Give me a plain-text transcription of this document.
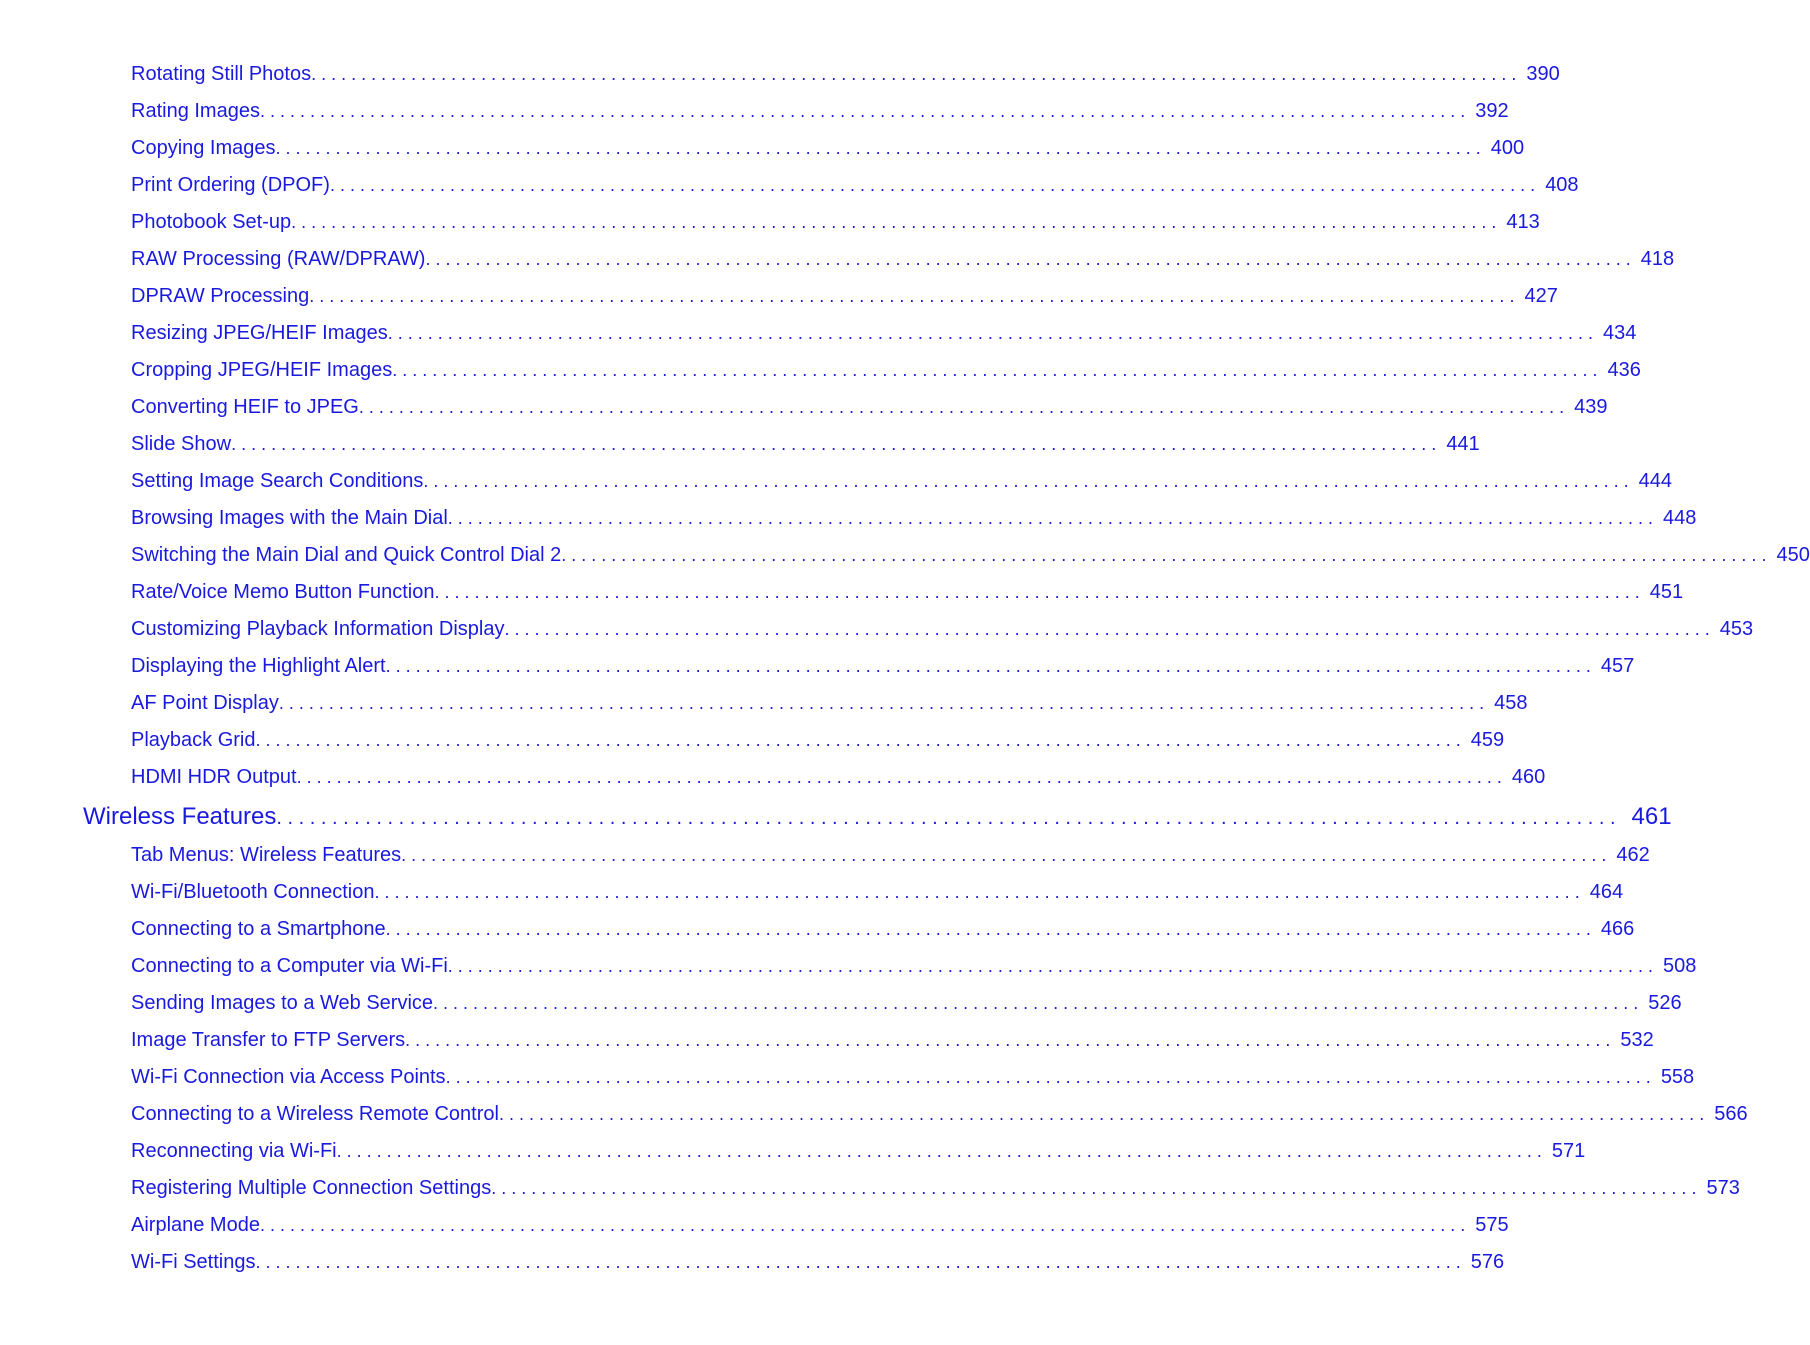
Rotating Still Photos . . . . . . . . . . . . . . . . . . . . . . . . . . . . . . . . . . . . . . . . . . . . . . . . . . . . . . . . . . . . . . . . . . . . . . . . . . . . . . . . . . . . . . . . . . . . . . . . . . . . . . . . . . . . . . . . . . . . . . . . . 390
Rating Images . . . . . . . . . . . . . . . . . . . . . . . . . . . . . . . . . . . . . . . . . . . . . . . . . . . . . . . . . . . . . . . . . . . . . . . . . . . . . . . . . . . . . . . . . . . . . . . . . . . . . . . . . . . . . . . . . . . . . . . . . 392
Copying Images . . . . . . . . . . . . . . . . . . . . . . . . . . . . . . . . . . . . . . . . . . . . . . . . . . . . . . . . . . . . . . . . . . . . . . . . . . . . . . . . . . . . . . . . . . . . . . . . . . . . . . . . . . . . . . . . . . . . . . . . . 400
Print Ordering (DPOF) . . . . . . . . . . . . . . . . . . . . . . . . . . . . . . . . . . . . . . . . . . . . . . . . . . . . . . . . . . . . . . . . . . . . . . . . . . . . . . . . . . . . . . . . . . . . . . . . . . . . . . . . . . . . . . . . . . . . . . . . . 408
Photobook Set-up . . . . . . . . . . . . . . . . . . . . . . . . . . . . . . . . . . . . . . . . . . . . . . . . . . . . . . . . . . . . . . . . . . . . . . . . . . . . . . . . . . . . . . . . . . . . . . . . . . . . . . . . . . . . . . . . . . . . . . . . . 413
RAW Processing (RAW/DPRAW) . . . . . . . . . . . . . . . . . . . . . . . . . . . . . . . . . . . . . . . . . . . . . . . . . . . . . . . . . . . . . . . . . . . . . . . . . . . . . . . . . . . . . . . . . . . . . . . . . . . . . . . . . . . . . . . . . . . . . . . . . 418
DPRAW Processing . . . . . . . . . . . . . . . . . . . . . . . . . . . . . . . . . . . . . . . . . . . . . . . . . . . . . . . . . . . . . . . . . . . . . . . . . . . . . . . . . . . . . . . . . . . . . . . . . . . . . . . . . . . . . . . . . . . . . . . . . 427
Resizing JPEG/HEIF Images . . . . . . . . . . . . . . . . . . . . . . . . . . . . . . . . . . . . . . . . . . . . . . . . . . . . . . . . . . . . . . . . . . . . . . . . . . . . . . . . . . . . . . . . . . . . . . . . . . . . . . . . . . . . . . . . . . . . . . . . . 434
Cropping JPEG/HEIF Images . . . . . . . . . . . . . . . . . . . . . . . . . . . . . . . . . . . . . . . . . . . . . . . . . . . . . . . . . . . . . . . . . . . . . . . . . . . . . . . . . . . . . . . . . . . . . . . . . . . . . . . . . . . . . . . . . . . . . . . . . 436
Converting HEIF to JPEG . . . . . . . . . . . . . . . . . . . . . . . . . . . . . . . . . . . . . . . . . . . . . . . . . . . . . . . . . . . . . . . . . . . . . . . . . . . . . . . . . . . . . . . . . . . . . . . . . . . . . . . . . . . . . . . . . . . . . . . . . 439
Slide Show . . . . . . . . . . . . . . . . . . . . . . . . . . . . . . . . . . . . . . . . . . . . . . . . . . . . . . . . . . . . . . . . . . . . . . . . . . . . . . . . . . . . . . . . . . . . . . . . . . . . . . . . . . . . . . . . . . . . . . . . . 441
Setting Image Search Conditions . . . . . . . . . . . . . . . . . . . . . . . . . . . . . . . . . . . . . . . . . . . . . . . . . . . . . . . . . . . . . . . . . . . . . . . . . . . . . . . . . . . . . . . . . . . . . . . . . . . . . . . . . . . . . . . . . . . . . . . . . 444
Browsing Images with the Main Dial . . . . . . . . . . . . . . . . . . . . . . . . . . . . . . . . . . . . . . . . . . . . . . . . . . . . . . . . . . . . . . . . . . . . . . . . . . . . . . . . . . . . . . . . . . . . . . . . . . . . . . . . . . . . . . . . . . . . . . . . . 448
Switching the Main Dial and Quick Control Dial 2 . . . . . . . . . . . . . . . . . . . . . . . . . . . . . . . . . . . . . . . . . . . . . . . . . . . . . . . . . . . . . . . . . . . . . . . . . . . . . . . . . . . . . . . . . . . . . . . . . . . . . . . . . . . . . . . . . . . . . . . . . 450
Rate/Voice Memo Button Function . . . . . . . . . . . . . . . . . . . . . . . . . . . . . . . . . . . . . . . . . . . . . . . . . . . . . . . . . . . . . . . . . . . . . . . . . . . . . . . . . . . . . . . . . . . . . . . . . . . . . . . . . . . . . . . . . . . . . . . . . 451
Customizing Playback Information Display . . . . . . . . . . . . . . . . . . . . . . . . . . . . . . . . . . . . . . . . . . . . . . . . . . . . . . . . . . . . . . . . . . . . . . . . . . . . . . . . . . . . . . . . . . . . . . . . . . . . . . . . . . . . . . . . . . . . . . . . . 453
Displaying the Highlight Alert . . . . . . . . . . . . . . . . . . . . . . . . . . . . . . . . . . . . . . . . . . . . . . . . . . . . . . . . . . . . . . . . . . . . . . . . . . . . . . . . . . . . . . . . . . . . . . . . . . . . . . . . . . . . . . . . . . . . . . . . . 457
AF Point Display . . . . . . . . . . . . . . . . . . . . . . . . . . . . . . . . . . . . . . . . . . . . . . . . . . . . . . . . . . . . . . . . . . . . . . . . . . . . . . . . . . . . . . . . . . . . . . . . . . . . . . . . . . . . . . . . . . . . . . . . . 458
Playback Grid . . . . . . . . . . . . . . . . . . . . . . . . . . . . . . . . . . . . . . . . . . . . . . . . . . . . . . . . . . . . . . . . . . . . . . . . . . . . . . . . . . . . . . . . . . . . . . . . . . . . . . . . . . . . . . . . . . . . . . . . . 459
HDMI HDR Output . . . . . . . . . . . . . . . . . . . . . . . . . . . . . . . . . . . . . . . . . . . . . . . . . . . . . . . . . . . . . . . . . . . . . . . . . . . . . . . . . . . . . . . . . . . . . . . . . . . . . . . . . . . . . . . . . . . . . . . . . 460
Wireless Features . . . . . . . . . . . . . . . . . . . . . . . . . . . . . . . . . . . . . . . . . . . . . . . . . . . . . . . . . . . . . . . . . . . . . . . . . . . . . . . . . . . . . . . . . . . . . . . . . . . . . . . . . . . . . . . . . . . . . . . . . 461
Tab Menus: Wireless Features . . . . . . . . . . . . . . . . . . . . . . . . . . . . . . . . . . . . . . . . . . . . . . . . . . . . . . . . . . . . . . . . . . . . . . . . . . . . . . . . . . . . . . . . . . . . . . . . . . . . . . . . . . . . . . . . . . . . . . . . . 462
Wi-Fi/Bluetooth Connection . . . . . . . . . . . . . . . . . . . . . . . . . . . . . . . . . . . . . . . . . . . . . . . . . . . . . . . . . . . . . . . . . . . . . . . . . . . . . . . . . . . . . . . . . . . . . . . . . . . . . . . . . . . . . . . . . . . . . . . . . 464
Connecting to a Smartphone . . . . . . . . . . . . . . . . . . . . . . . . . . . . . . . . . . . . . . . . . . . . . . . . . . . . . . . . . . . . . . . . . . . . . . . . . . . . . . . . . . . . . . . . . . . . . . . . . . . . . . . . . . . . . . . . . . . . . . . . . 466
Connecting to a Computer via Wi-Fi . . . . . . . . . . . . . . . . . . . . . . . . . . . . . . . . . . . . . . . . . . . . . . . . . . . . . . . . . . . . . . . . . . . . . . . . . . . . . . . . . . . . . . . . . . . . . . . . . . . . . . . . . . . . . . . . . . . . . . . . . 508
Sending Images to a Web Service . . . . . . . . . . . . . . . . . . . . . . . . . . . . . . . . . . . . . . . . . . . . . . . . . . . . . . . . . . . . . . . . . . . . . . . . . . . . . . . . . . . . . . . . . . . . . . . . . . . . . . . . . . . . . . . . . . . . . . . . . 526
Image Transfer to FTP Servers . . . . . . . . . . . . . . . . . . . . . . . . . . . . . . . . . . . . . . . . . . . . . . . . . . . . . . . . . . . . . . . . . . . . . . . . . . . . . . . . . . . . . . . . . . . . . . . . . . . . . . . . . . . . . . . . . . . . . . . . . 532
Wi-Fi Connection via Access Points . . . . . . . . . . . . . . . . . . . . . . . . . . . . . . . . . . . . . . . . . . . . . . . . . . . . . . . . . . . . . . . . . . . . . . . . . . . . . . . . . . . . . . . . . . . . . . . . . . . . . . . . . . . . . . . . . . . . . . . . . 558
Connecting to a Wireless Remote Control . . . . . . . . . . . . . . . . . . . . . . . . . . . . . . . . . . . . . . . . . . . . . . . . . . . . . . . . . . . . . . . . . . . . . . . . . . . . . . . . . . . . . . . . . . . . . . . . . . . . . . . . . . . . . . . . . . . . . . . . . 566
Reconnecting via Wi-Fi . . . . . . . . . . . . . . . . . . . . . . . . . . . . . . . . . . . . . . . . . . . . . . . . . . . . . . . . . . . . . . . . . . . . . . . . . . . . . . . . . . . . . . . . . . . . . . . . . . . . . . . . . . . . . . . . . . . . . . . . . 571
Registering Multiple Connection Settings . . . . . . . . . . . . . . . . . . . . . . . . . . . . . . . . . . . . . . . . . . . . . . . . . . . . . . . . . . . . . . . . . . . . . . . . . . . . . . . . . . . . . . . . . . . . . . . . . . . . . . . . . . . . . . . . . . . . . . . . . 573
Airplane Mode . . . . . . . . . . . . . . . . . . . . . . . . . . . . . . . . . . . . . . . . . . . . . . . . . . . . . . . . . . . . . . . . . . . . . . . . . . . . . . . . . . . . . . . . . . . . . . . . . . . . . . . . . . . . . . . . . . . . . . . . . 575
Wi-Fi Settings . . . . . . . . . . . . . . . . . . . . . . . . . . . . . . . . . . . . . . . . . . . . . . . . . . . . . . . . . . . . . . . . . . . . . . . . . . . . . . . . . . . . . . . . . . . . . . . . . . . . . . . . . . . . . . . . . . . . . . . . . 576
